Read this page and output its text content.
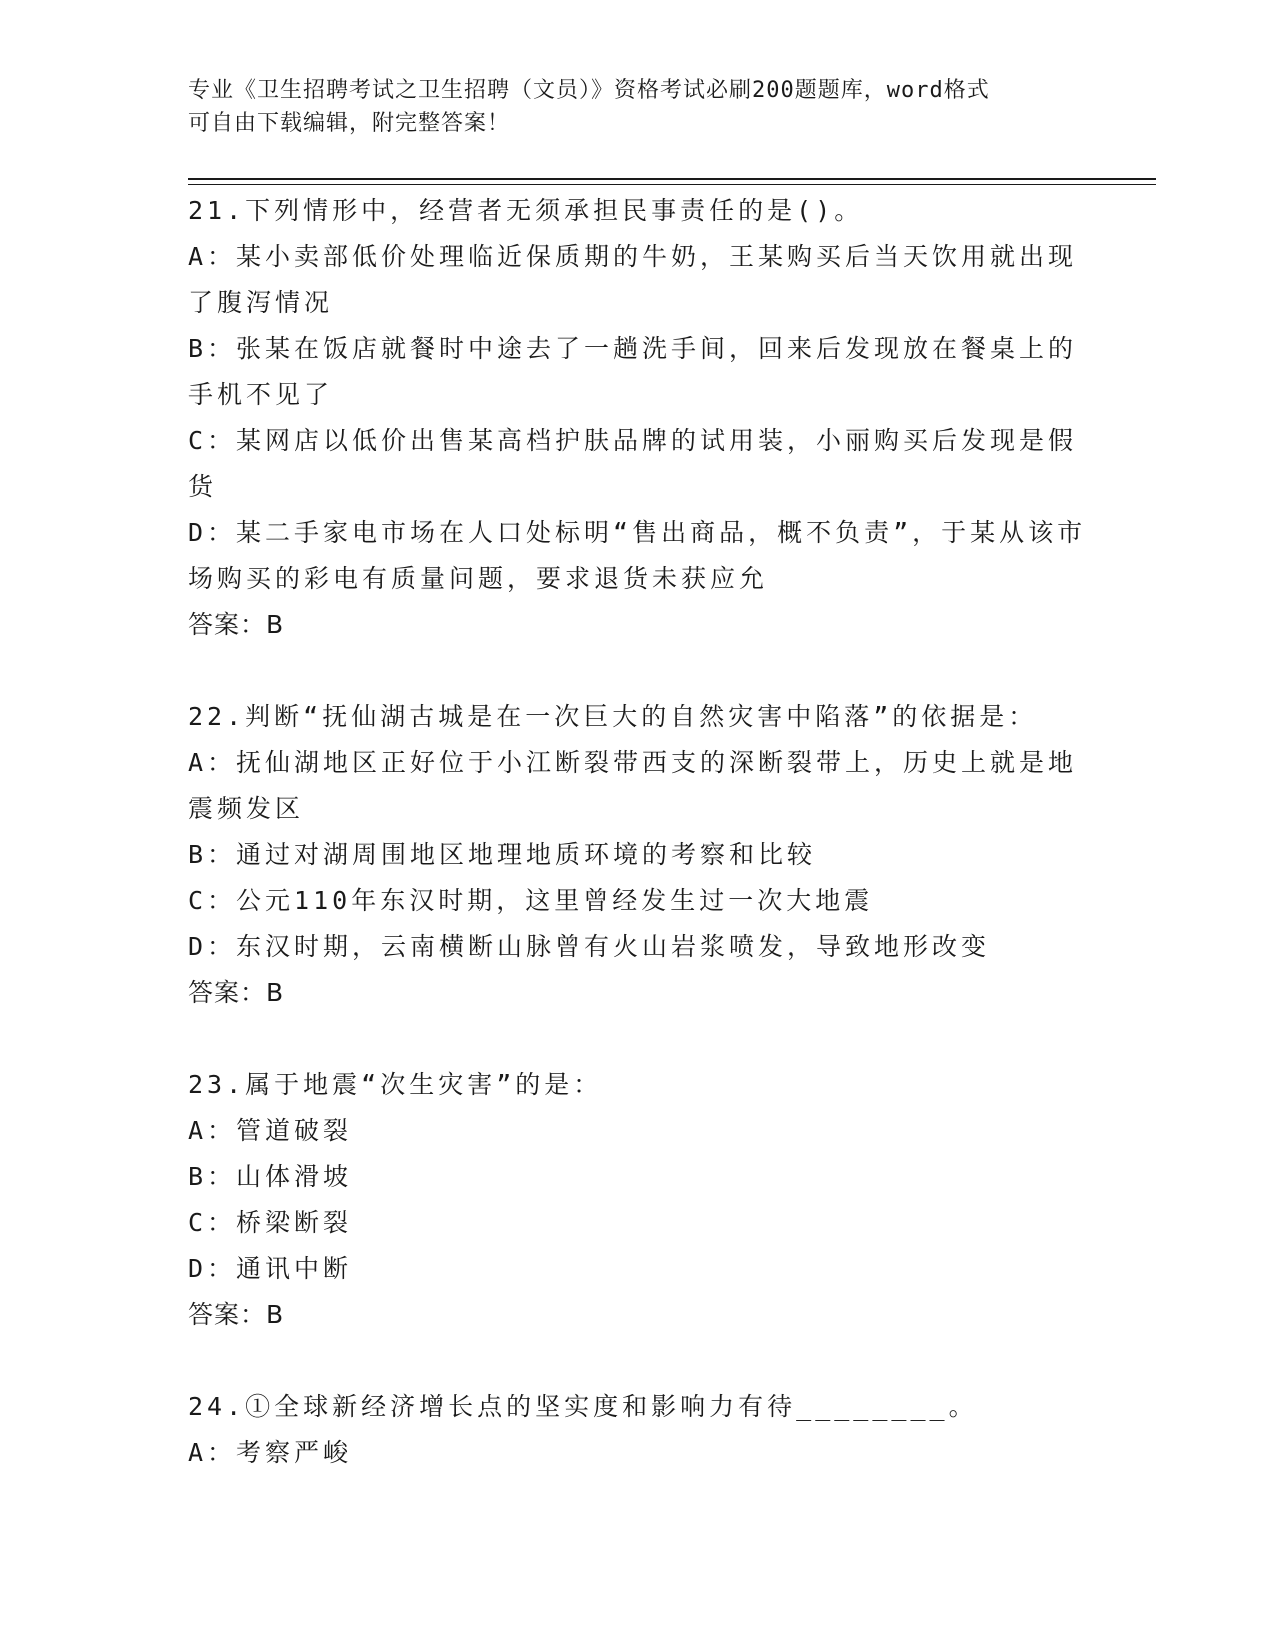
专业《卫生招聘考试之卫生招聘（文员）》资格考试必刷200题题库，word格式
可自由下载编辑，附完整答案！
21.下列情形中，经营者无须承担民事责任的是()。
A：某小卖部低价处理临近保质期的牛奶，王某购买后当天饮用就出现了腹泻情况
B：张某在饭店就餐时中途去了一趟洗手间，回来后发现放在餐桌上的手机不见了
C：某网店以低价出售某高档护肤品牌的试用装，小丽购买后发现是假货
D：某二手家电市场在人口处标明“售出商品，概不负责”，于某从该市场购买的彩电有质量问题，要求退货未获应允
答案：B
22.判断“抚仙湖古城是在一次巨大的自然灾害中陷落”的依据是：
A：抚仙湖地区正好位于小江断裂带西支的深断裂带上，历史上就是地震频发区
B：通过对湖周围地区地理地质环境的考察和比较
C：公元110年东汉时期，这里曾经发生过一次大地震
D：东汉时期，云南横断山脉曾有火山岩浆喷发，导致地形改变
答案：B
23.属于地震“次生灾害”的是：
A：管道破裂
B：山体滑坡
C：桥梁断裂
D：通讯中断
答案：B
24.①全球新经济增长点的坚实度和影响力有待________。
A：考察严峻
